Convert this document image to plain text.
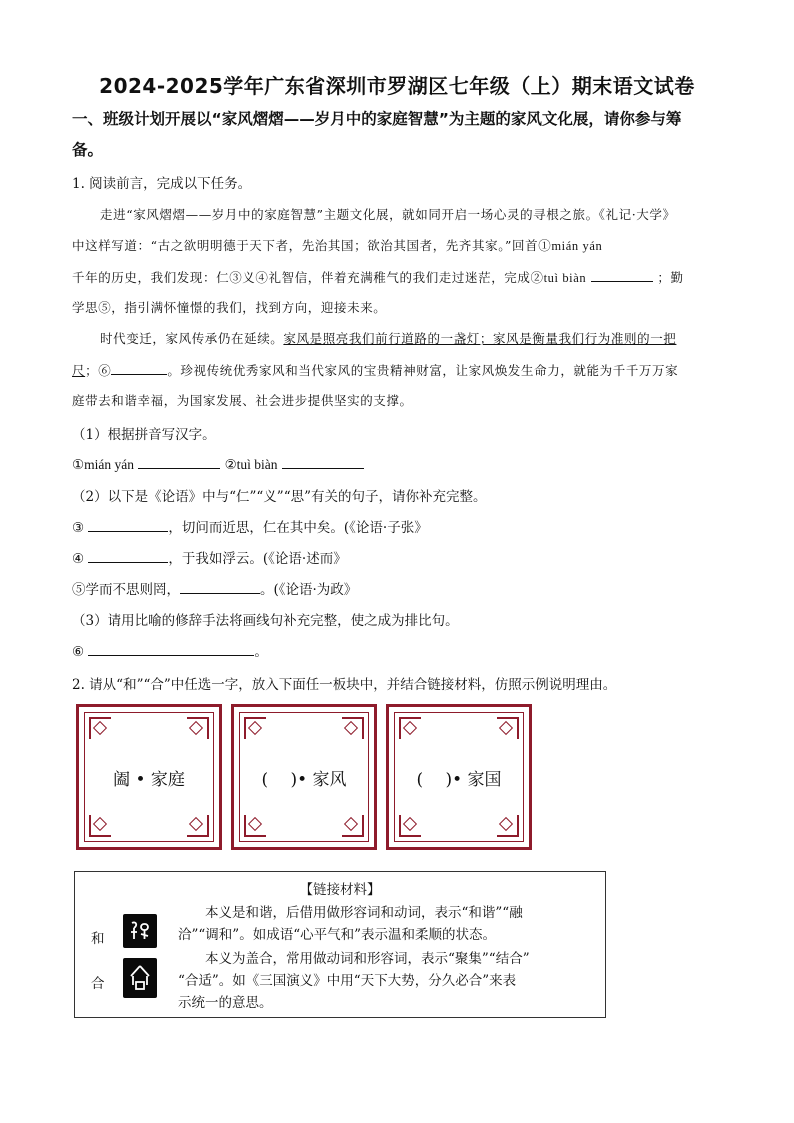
2024-2025学年广东省深圳市罗湖区七年级（上）期末语文试卷
一、班级计划开展以“家风熠熠——岁月中的家庭智慧”为主题的家风文化展，请你参与筹
备。
1. 阅读前言，完成以下任务。
走进“家风熠熠——岁月中的家庭智慧”主题文化展，就如同开启一场心灵的寻根之旅。《礼记·大学》
中这样写道：“古之欲明明德于天下者，先治其国；欲治其国者，先齐其家。”回首①mián yán
千年的历史，我们发现：仁③义④礼智信，伴着充满稚气的我们走过迷茫，完成②tuì biàn	；勤
学思⑤，指引满怀憧憬的我们，找到方向，迎接未来。
时代变迁，家风传承仍在延续。家风是照亮我们前行道路的一盏灯；家风是衡量我们行为准则的一把
尺；⑥	。珍视传统优秀家风和当代家风的宝贵精神财富，让家风焕发生命力，就能为千千万万家
庭带去和谐幸福，为国家发展、社会进步提供坚实的支撑。
（1）根据拼音写汉字。
①mián yán	②tuì biàn
（2）以下是《论语》中与“仁”“义”“思”有关的句子，请你补充完整。
③	，切问而近思，仁在其中矣。(《论语·子张》
④	，于我如浮云。(《论语·述而》
⑤学而不思则罔，	。(《论语·为政》
（3）请用比喻的修辞手法将画线句补充完整，使之成为排比句。
⑥	。
2. 请从“和”“合”中任选一字，放入下面任一板块中，并结合链接材料，仿照示例说明理由。
阖 • 家庭	(　 )• 家风	(　 )• 家国
【链接材料】
和
本义是和谐，后借用做形容词和动词，表示“和谐”“融
洽”“调和”。如成语“心平气和”表示温和柔顺的状态。
合
本义为盖合，常用做动词和形容词，表示“聚集”“结合”
“合适”。如《三国演义》中用“天下大势，分久必合”来表
示统一的意思。
